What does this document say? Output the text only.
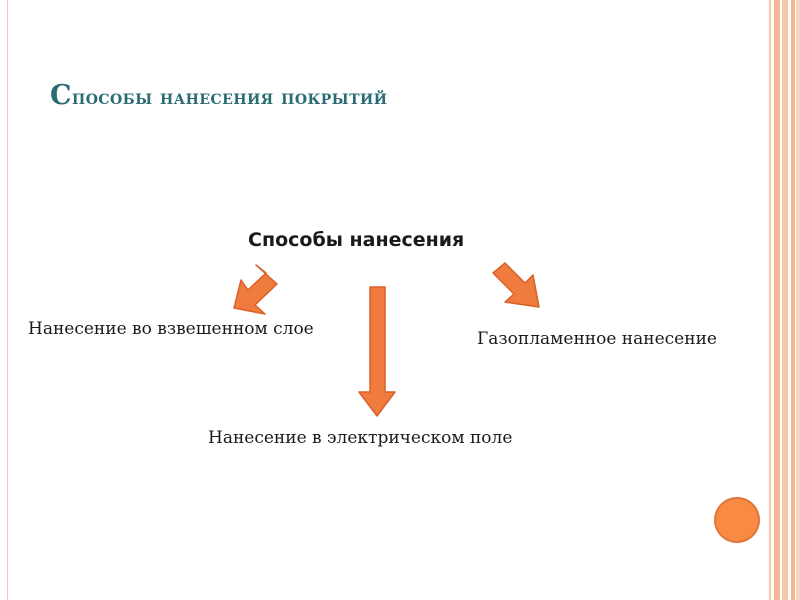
Способы нанесения покрытий
Способы нанесения
Нанесение во взвешенном слое	Газопламенное нанесение
Нанесение в электрическом поле
